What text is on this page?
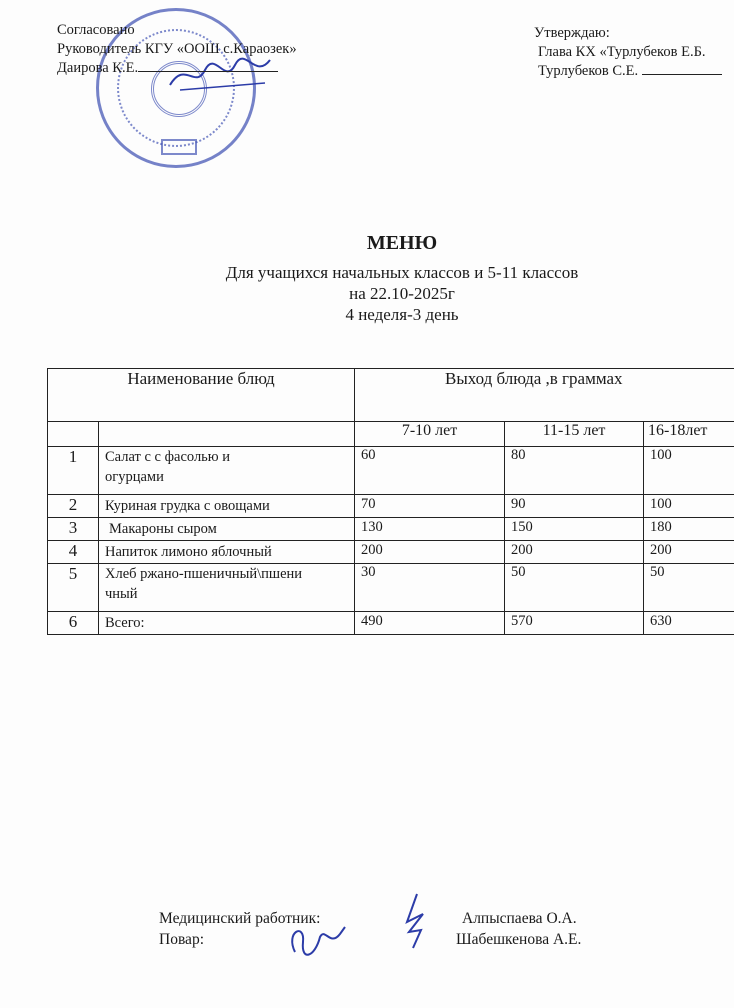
Согласовано
Руководитель КГУ «ООШ с.Караозек»
Даирова К.Е.
Утверждаю:
Глава КХ «Турлубеков Е.Б.
Турлубеков С.Е.
МЕНЮ
Для учащихся начальных классов и 5-11 классов
на 22.10-2025г
4 неделя-3 день
Наименование блюд		Выход блюда ,в граммах		
		7-10 лет	11-15 лет	16-18лет
1	Салат с с фасолью и огурцами	60	80	100
2	Куриная грудка с овощами	70	90	100
3	Макароны сыром	130	150	180
4	Напиток лимоно яблочный	200	200	200
5	Хлеб ржано-пшеничный\пшеничный	30	50	50
6	Всего:	490	570	630
Медицинский работник:	Алпыспаева О.А.
Повар:	Шабешкенова А.Е.
